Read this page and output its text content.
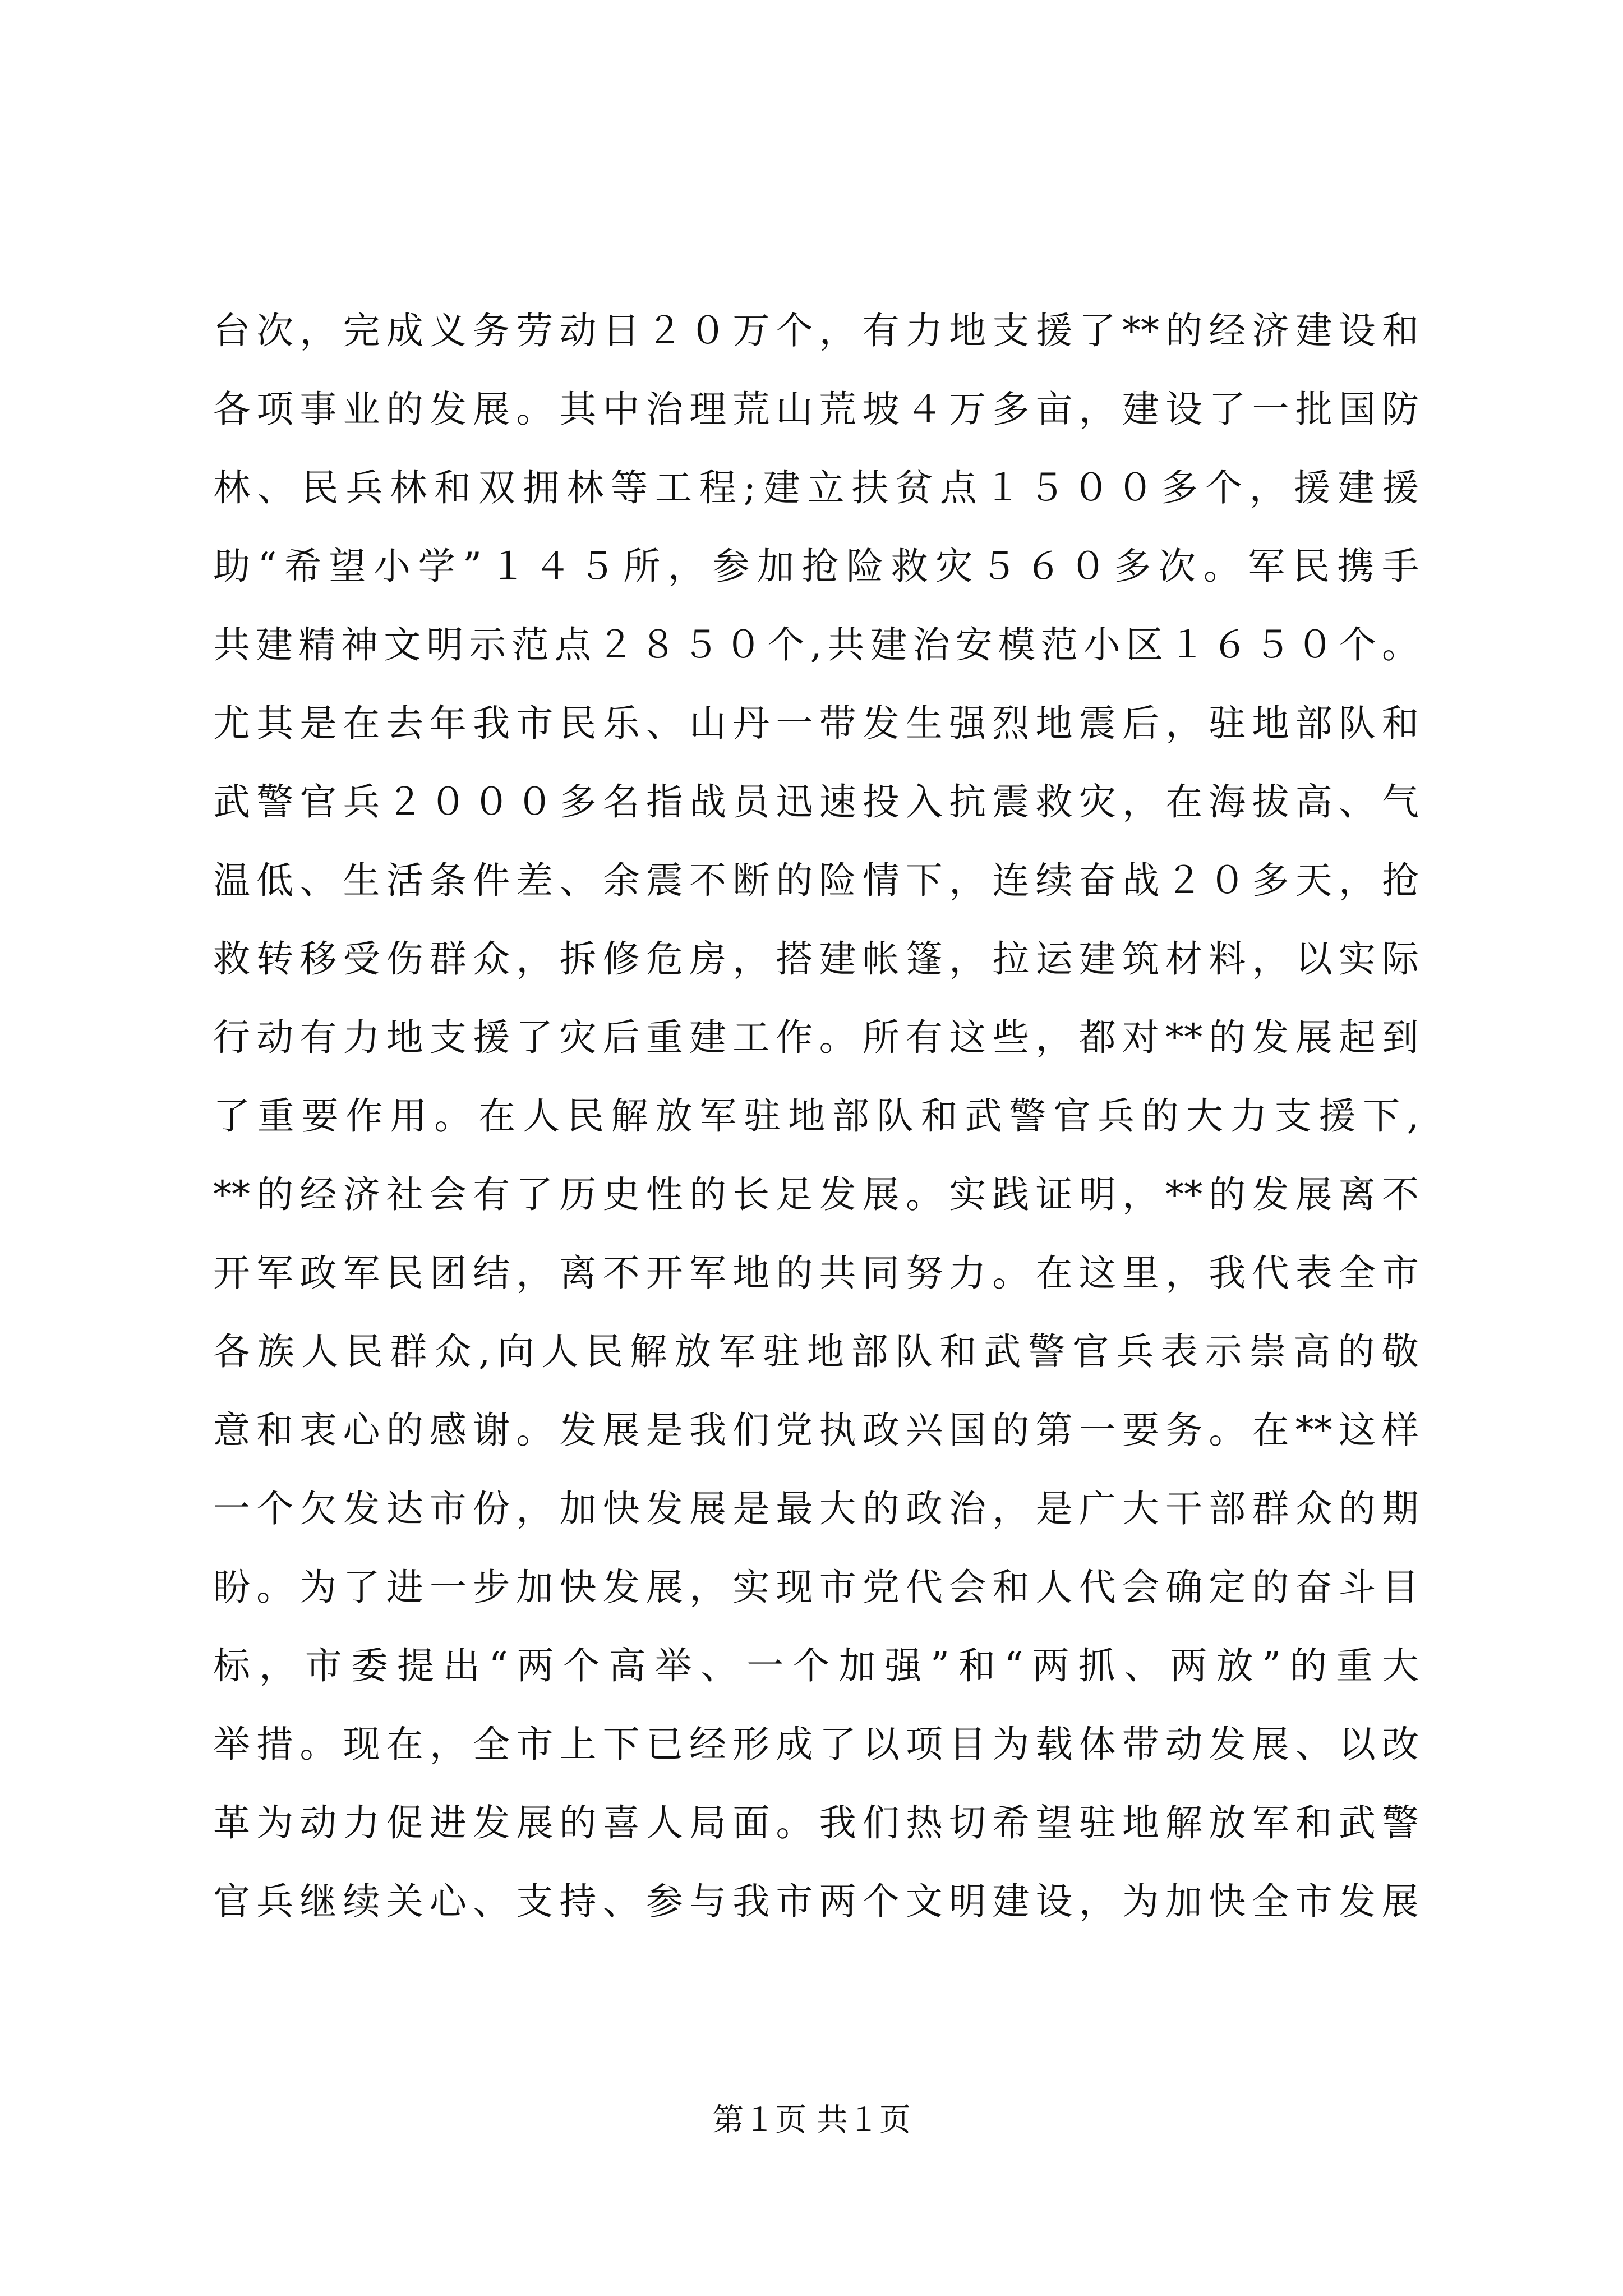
台次，完成义务劳动日２０万个，有力地支援了**的经济建设和
各项事业的发展。其中治理荒山荒坡４万多亩，建设了一批国防
林、民兵林和双拥林等工程;建立扶贫点１５００多个，援建援
助“希望小学”１４５所，参加抢险救灾５６０多次。军民携手
共建精神文明示范点２８５０个,共建治安模范小区１６５０个。
尤其是在去年我市民乐、山丹一带发生强烈地震后，驻地部队和
武警官兵２０００多名指战员迅速投入抗震救灾，在海拔高、气
温低、生活条件差、余震不断的险情下，连续奋战２０多天，抢
救转移受伤群众，拆修危房，搭建帐篷，拉运建筑材料，以实际
行动有力地支援了灾后重建工作。所有这些，都对**的发展起到
了重要作用。在人民解放军驻地部队和武警官兵的大力支援下,
**的经济社会有了历史性的长足发展。实践证明，**的发展离不
开军政军民团结，离不开军地的共同努力。在这里，我代表全市
各族人民群众,向人民解放军驻地部队和武警官兵表示崇高的敬
意和衷心的感谢。发展是我们党执政兴国的第一要务。在**这样
一个欠发达市份，加快发展是最大的政治，是广大干部群众的期
盼。为了进一步加快发展，实现市党代会和人代会确定的奋斗目
标，市委提出“两个高举、一个加强”和“两抓、两放”的重大
举措。现在，全市上下已经形成了以项目为载体带动发展、以改
革为动力促进发展的喜人局面。我们热切希望驻地解放军和武警
官兵继续关心、支持、参与我市两个文明建设，为加快全市发展
第１页 共１页
